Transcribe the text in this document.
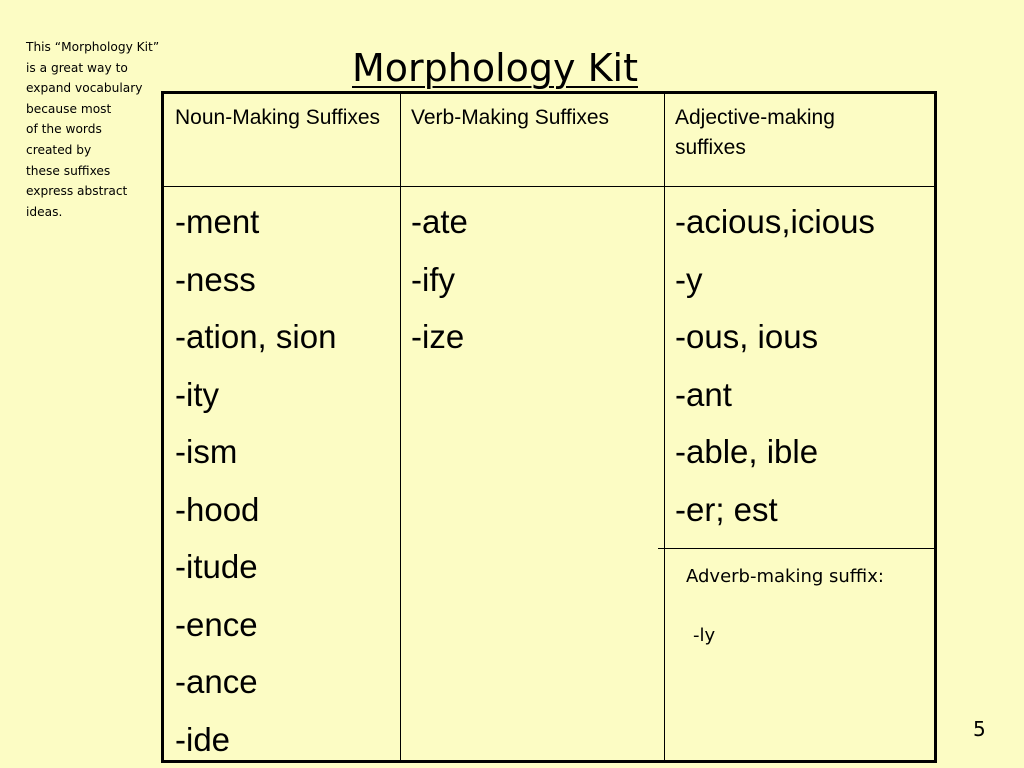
This “Morphology Kit”
is a great way to
expand vocabulary
because most
of the words
created by
these suffixes
express abstract
ideas.
Morphology Kit
Noun-Making Suffixes	Verb-Making Suffixes	Adjective-making suffixes
-ment
-ness
-ation, sion
-ity
-ism
-hood
-itude
-ence
-ance
-ide
-ate
-ify
-ize
-acious,icious
-y
-ous, ious
-ant
-able, ible
-er; est
Adverb-making suffix:
-ly
5
